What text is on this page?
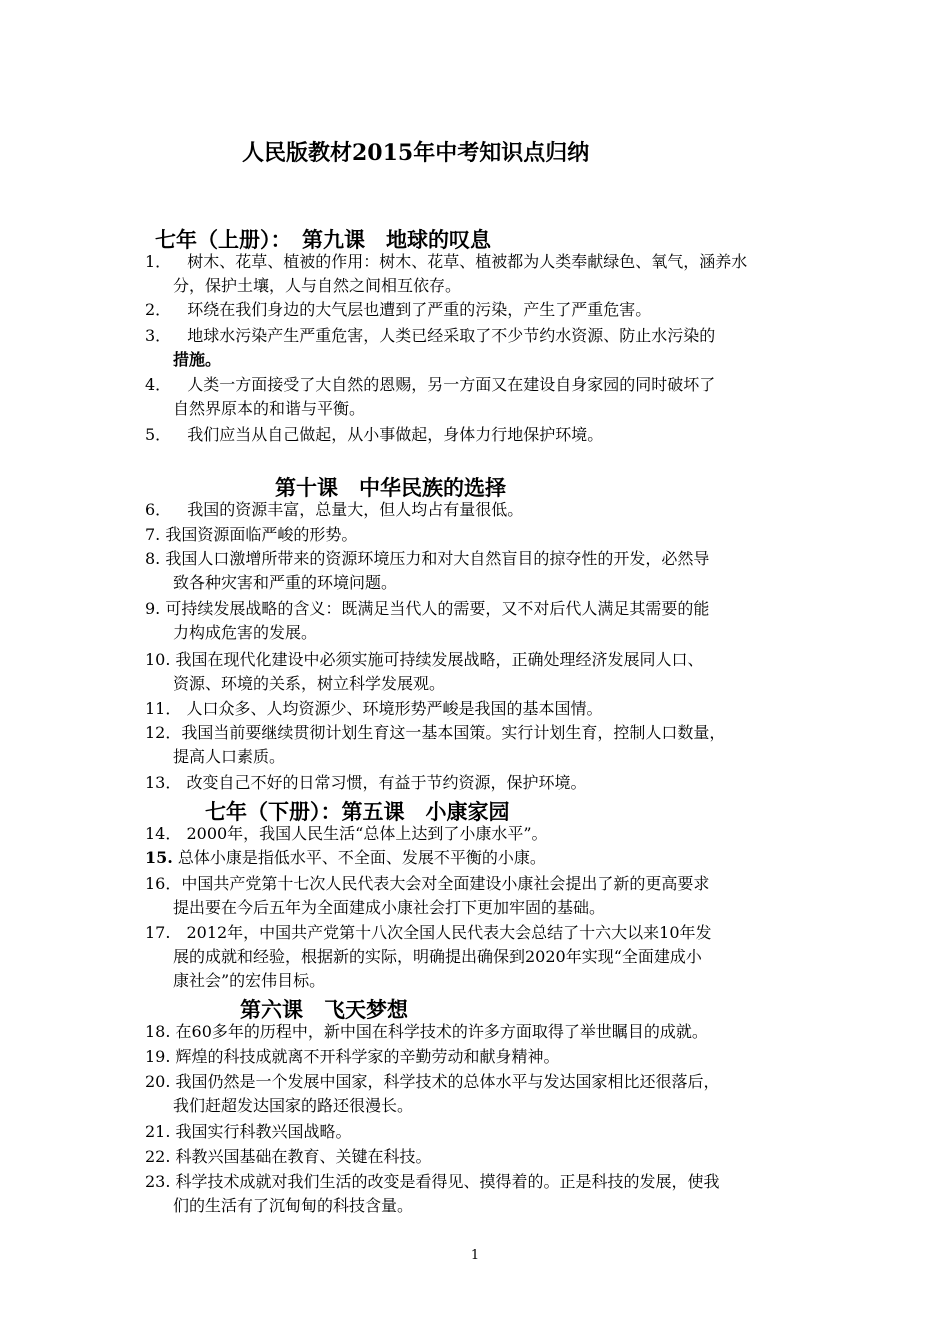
人民版教材2015年中考知识点归纳
七年（上册）：　第九课　地球的叹息
1．　树木、花草、植被的作用：树木、花草、植被都为人类奉献绿色、氧气，涵养水
分，保护土壤，人与自然之间相互依存。
2．　环绕在我们身边的大气层也遭到了严重的污染，产生了严重危害。
3．　地球水污染产生严重危害，人类已经采取了不少节约水资源、防止水污染的
措施。
4．　人类一方面接受了大自然的恩赐，另一方面又在建设自身家园的同时破坏了
自然界原本的和谐与平衡。
5．　我们应当从自己做起，从小事做起，身体力行地保护环境。
第十课　中华民族的选择
6．　我国的资源丰富，总量大，但人均占有量很低。
7. 我国资源面临严峻的形势。
8. 我国人口激增所带来的资源环境压力和对大自然盲目的掠夺性的开发，必然导
致各种灾害和严重的环境问题。
9. 可持续发展战略的含义：既满足当代人的需要，又不对后代人满足其需要的能
力构成危害的发展。
10. 我国在现代化建设中必须实施可持续发展战略，正确处理经济发展同人口、
资源、环境的关系，树立科学发展观。
11． 人口众多、人均资源少、环境形势严峻是我国的基本国情。
12．我国当前要继续贯彻计划生育这一基本国策。实行计划生育，控制人口数量，
提高人口素质。
13． 改变自己不好的日常习惯，有益于节约资源，保护环境。
七年（下册）：第五课　小康家园
14． 2000年，我国人民生活“总体上达到了小康水平”。
15. 总体小康是指低水平、不全面、发展不平衡的小康。
16．中国共产党第十七次人民代表大会对全面建设小康社会提出了新的更高要求
提出要在今后五年为全面建成小康社会打下更加牢固的基础。
17.　2012年，中国共产党第十八次全国人民代表大会总结了十六大以来10年发
展的成就和经验，根据新的实际，明确提出确保到2020年实现“全面建成小
康社会”的宏伟目标。
第六课　飞天梦想
18. 在60多年的历程中，新中国在科学技术的许多方面取得了举世瞩目的成就。
19. 辉煌的科技成就离不开科学家的辛勤劳动和献身精神。
20. 我国仍然是一个发展中国家，科学技术的总体水平与发达国家相比还很落后，
我们赶超发达国家的路还很漫长。
21. 我国实行科教兴国战略。
22. 科教兴国基础在教育、关键在科技。
23. 科学技术成就对我们生活的改变是看得见、摸得着的。正是科技的发展，使我
们的生活有了沉甸甸的科技含量。
1
